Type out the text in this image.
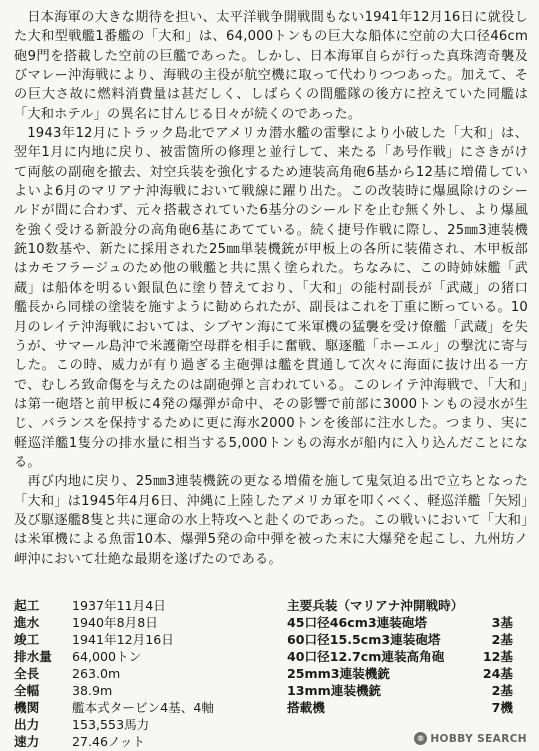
日本海軍の大きな期待を担い、太平洋戦争開戦間もない1941年12月16日に就役した大和型戦艦1番艦の「大和」は、64,000トンもの巨大な船体に空前の大口径46cm砲9門を搭載した空前の巨艦であった。しかし、日本海軍自らが行った真珠湾奇襲及びマレー沖海戦により、海戦の主役が航空機に取って代わりつつあった。加えて、その巨大さ故に燃料消費量は甚だしく、しばらくの間艦隊の後方に控えていた同艦は「大和ホテル」の異名に甘んじる日々が続くのであった。

1943年12月にトラック島北でアメリカ潜水艦の雷撃により小破した「大和」は、翌年1月に内地に戻り、被雷箇所の修理と並行して、来たる「あ号作戦」にさきがけて両舷の副砲を撤去、対空兵装を強化するため連装高角砲6基から12基に増備していよいよ6月のマリアナ沖海戦において戦線に躍り出た。この改装時に爆風除けのシールドが間に合わず、元々搭載されていた6基分のシールドを止む無く外し、より爆風を強く受ける新設分の高角砲6基にあてている。続く捷号作戦に際し、25㎜3連装機銃10数基や、新たに採用された25㎜単装機銃が甲板上の各所に装備され、木甲板部はカモフラージュのため他の戦艦と共に黒く塗られた。ちなみに、この時姉妹艦「武蔵」は船体を明るい銀鼠色に塗り替えており、「大和」の能村副長が「武蔵」の猪口艦長から同様の塗装を施すように勧められたが、副長はこれを丁重に断っている。10月のレイテ沖海戦においては、シブヤン海にて米軍機の猛襲を受け僚艦「武蔵」を失うが、サマール島沖で米護衛空母群を相手に奮戦、駆逐艦「ホーエル」の撃沈に寄与した。この時、威力が有り過ぎる主砲弾は艦を貫通して次々に海面に抜け出る一方で、むしろ致命傷を与えたのは副砲弾と言われている。このレイテ沖海戦で、「大和」は第一砲塔と前甲板に4発の爆弾が命中、その影響で前部に3000トンもの浸水が生じ、バランスを保持するために更に海水2000トンを後部に注水した。つまり、実に軽巡洋艦1隻分の排水量に相当する5,000トンもの海水が船内に入り込んだことになる。

再び内地に戻り、25㎜3連装機銃の更なる増備を施して鬼気迫る出で立ちとなった「大和」は1945年4月6日、沖縄に上陸したアメリカ軍を叩くべく、軽巡洋艦「矢矧」及び駆逐艦8隻と共に運命の水上特攻へと赴くのであった。この戦いにおいて「大和」は米軍機による魚雷10本、爆弾5発の命中弾を被った末に大爆発を起こし、九州坊ノ岬沖において壮絶な最期を遂げたのである。

起工	1937年11月4日
進水	1940年8月8日
竣工	1941年12月16日
排水量	64,000トン
全長	263.0m
全幅	38.9m
機関	艦本式タービン4基、4軸
出力	153,553馬力
速力	27.46ノット
主要兵装（マリアナ沖開戦時）
45口径46cm3連装砲塔	3基
60口径15.5cm3連装砲塔	2基
40口径12.7cm連装高角砲	12基
25mm3連装機銃	24基
13mm連装機銃	2基
搭載機	7機
® HOBBY SEARCH
